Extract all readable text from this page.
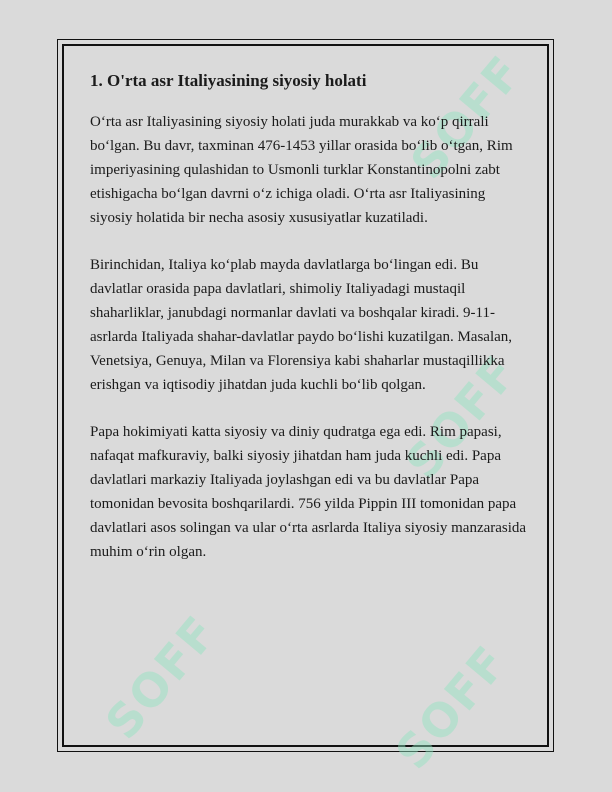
SOFF
SOFF
SOFF	SOFF
1. O'rta asr Italiyasining siyosiy holati

O‘rta asr Italiyasining siyosiy holati juda murakkab va ko‘p qirrali bo‘lgan. Bu davr, taxminan 476-1453 yillar orasida bo‘lib o‘tgan, Rim imperiyasining qulashidan to Usmonli turklar Konstantinopolni zabt etishigacha bo‘lgan davrni o‘z ichiga oladi. O‘rta asr Italiyasining siyosiy holatida bir necha asosiy xususiyatlar kuzatiladi.

Birinchidan, Italiya ko‘plab mayda davlatlarga bo‘lingan edi. Bu davlatlar orasida papa davlatlari, shimoliy Italiyadagi mustaqil shaharliklar, janubdagi normanlar davlati va boshqalar kiradi. 9-11-asrlarda Italiyada shahar-davlatlar paydo bo‘lishi kuzatilgan. Masalan, Venetsiya, Genuya, Milan va Florensiya kabi shaharlar mustaqillikka erishgan va iqtisodiy jihatdan juda kuchli bo‘lib qolgan.

Papa hokimiyati katta siyosiy va diniy qudratga ega edi. Rim papasi, nafaqat mafkuraviy, balki siyosiy jihatdan ham juda kuchli edi. Papa davlatlari markaziy Italiyada joylashgan edi va bu davlatlar Papa tomonidan bevosita boshqarilardi. 756 yilda Pippin III tomonidan papa davlatlari asos solingan va ular o‘rta asrlarda Italiya siyosiy manzarasida muhim o‘rin olgan.
